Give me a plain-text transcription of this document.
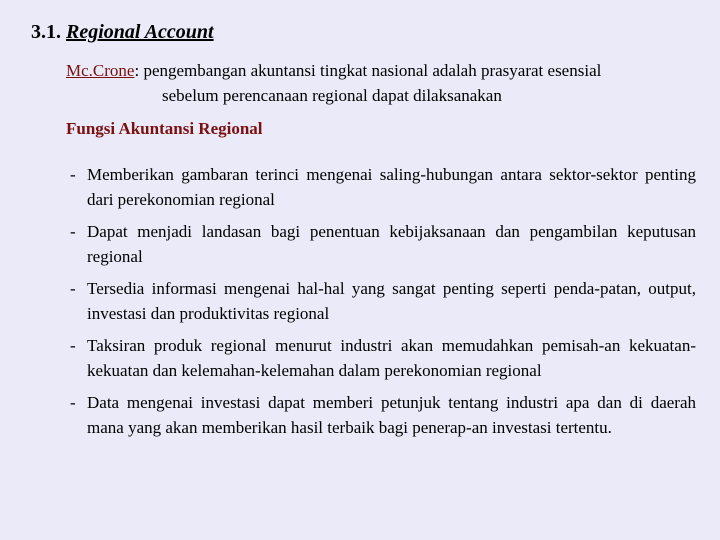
3.1. Regional Account
Mc.Crone: pengembangan akuntansi tingkat nasional adalah prasyarat esensial
sebelum perencanaan regional dapat dilaksanakan
Fungsi Akuntansi Regional
- Memberikan gambaran terinci mengenai saling-hubungan antara sektor-sektor penting dari perekonomian regional
- Dapat menjadi landasan bagi penentuan kebijaksanaan dan pengambilan keputusan regional
- Tersedia informasi mengenai hal-hal yang sangat penting seperti penda-patan, output, investasi dan produktivitas regional
- Taksiran produk regional menurut industri akan memudahkan pemisah-an kekuatan-kekuatan dan kelemahan-kelemahan dalam perekonomian regional
- Data mengenai investasi dapat memberi petunjuk tentang industri apa dan di daerah mana yang akan memberikan hasil terbaik bagi penerap-an investasi tertentu.
